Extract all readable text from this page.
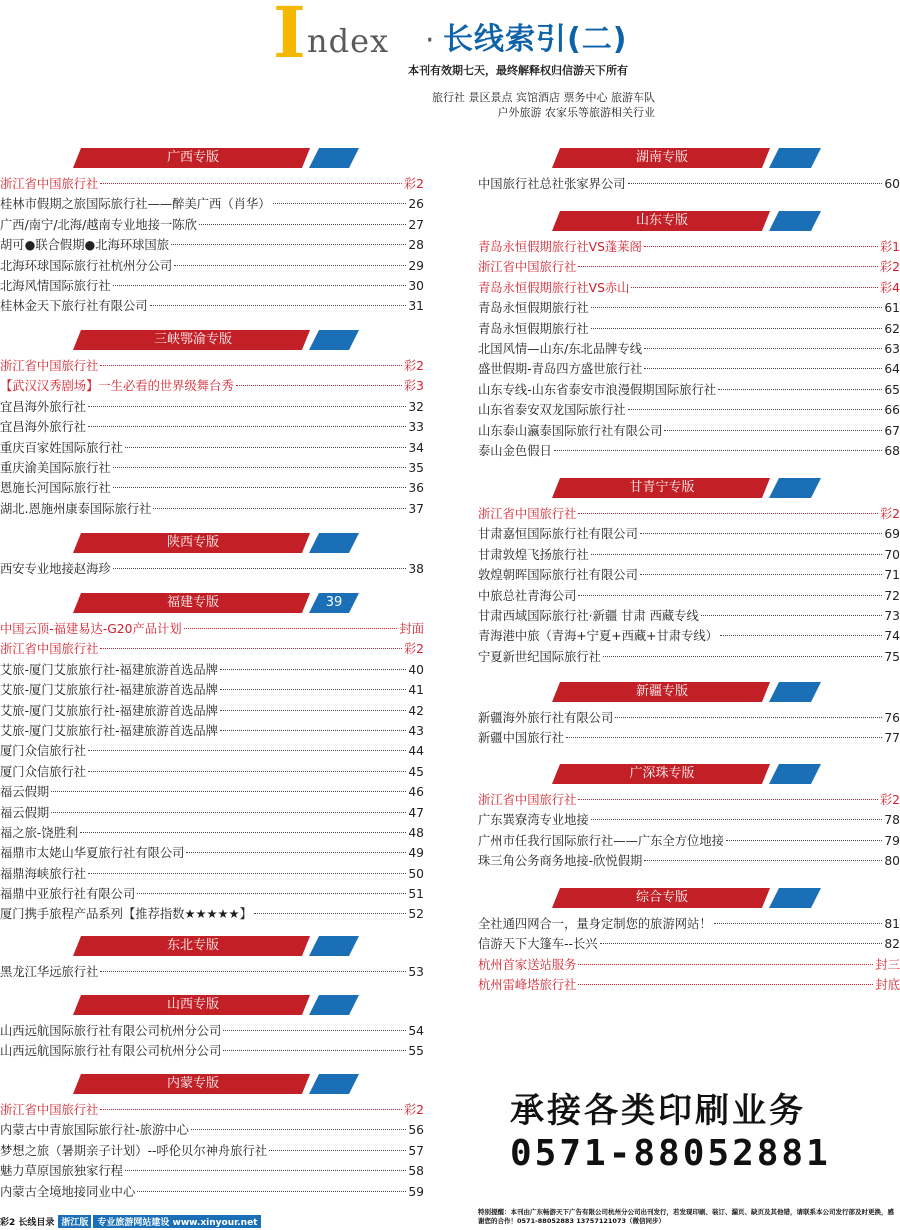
I ndex · 长线索引(二)
本刊有效期七天，最终解释权归信游天下所有
旅行社 景区景点 宾馆酒店 票务中心 旅游车队
户外旅游 农家乐等旅游相关行业
广西专版
浙江省中国旅行社	彩2
桂林市假期之旅国际旅行社——醉美广西（肖华）	26
广西/南宁/北海/越南专业地接一陈欣	27
胡可●联合假期●北海环球国旅	28
北海环球国际旅行社杭州分公司	29
北海风情国际旅行社	30
桂林金天下旅行社有限公司	31
三峡鄂渝专版
浙江省中国旅行社	彩2
【武汉汉秀剧场】一生必看的世界级舞台秀	彩3
宜昌海外旅行社	32
宜昌海外旅行社	33
重庆百家姓国际旅行社	34
重庆渝美国际旅行社	35
恩施长河国际旅行社	36
湖北.恩施州康泰国际旅行社	37
陕西专版
西安专业地接赵海珍	38
福建专版	39
中国云顶-福建易达-G20产品计划	封面
浙江省中国旅行社	彩2
艾旅-厦门艾旅旅行社-福建旅游首选品牌	40
艾旅-厦门艾旅旅行社-福建旅游首选品牌	41
艾旅-厦门艾旅旅行社-福建旅游首选品牌	42
艾旅-厦门艾旅旅行社-福建旅游首选品牌	43
厦门众信旅行社	44
厦门众信旅行社	45
福云假期	46
福云假期	47
福之旅-饶胜利	48
福鼎市太姥山华夏旅行社有限公司	49
福鼎海峡旅行社	50
福鼎中亚旅行社有限公司	51
厦门携手旅程产品系列【推荐指数★★★★★】	52
东北专版
黑龙江华远旅行社	53
山西专版
山西远航国际旅行社有限公司杭州分公司	54
山西远航国际旅行社有限公司杭州分公司	55
内蒙专版
浙江省中国旅行社	彩2
内蒙古中青旅国际旅行社-旅游中心	56
梦想之旅（暑期亲子计划）--呼伦贝尔神舟旅行社	57
魅力草原国旅独家行程	58
内蒙古全境地接同业中心	59
湖南专版
中国旅行社总社张家界公司	60
山东专版
青岛永恒假期旅行社VS蓬莱阁	彩1
浙江省中国旅行社	彩2
青岛永恒假期旅行社VS赤山	彩4
青岛永恒假期旅行社	61
青岛永恒假期旅行社	62
北国风情—山东/东北品牌专线	63
盛世假期-青岛四方盛世旅行社	64
山东专线-山东省泰安市浪漫假期国际旅行社	65
山东省泰安双龙国际旅行社	66
山东泰山瀛泰国际旅行社有限公司	67
泰山金色假日	68
甘青宁专版
浙江省中国旅行社	彩2
甘肃嘉恒国际旅行社有限公司	69
甘肃敦煌飞扬旅行社	70
敦煌朝晖国际旅行社有限公司	71
中旅总社青海公司	72
甘肃西域国际旅行社·新疆 甘肃 西藏专线	73
青海港中旅（青海+宁夏+西藏+甘肃专线）	74
宁夏新世纪国际旅行社	75
新疆专版
新疆海外旅行社有限公司	76
新疆中国旅行社	77
广深珠专版
浙江省中国旅行社	彩2
广东巽寮湾专业地接	78
广州市任我行国际旅行社——广东全方位地接	79
珠三角公务商务地接-欣悦假期	80
综合专版
全社通四网合一，量身定制您的旅游网站！	81
信游天下大篷车--长兴	82
杭州首家送站服务	封三
杭州雷峰塔旅行社	封底
承接各类印刷业务
0571-88052881
特别提醒：本刊由广东畅游天下广告有限公司杭州分公司出刊发行，若发现印刷、装订、漏页、缺页及其他错，请联系本公司发行部及时更换，感谢您的合作！0571-88052883 13757121073（微信同步）
彩2 长线目录 浙江版	专业旅游网站建设 www.xinyour.net
